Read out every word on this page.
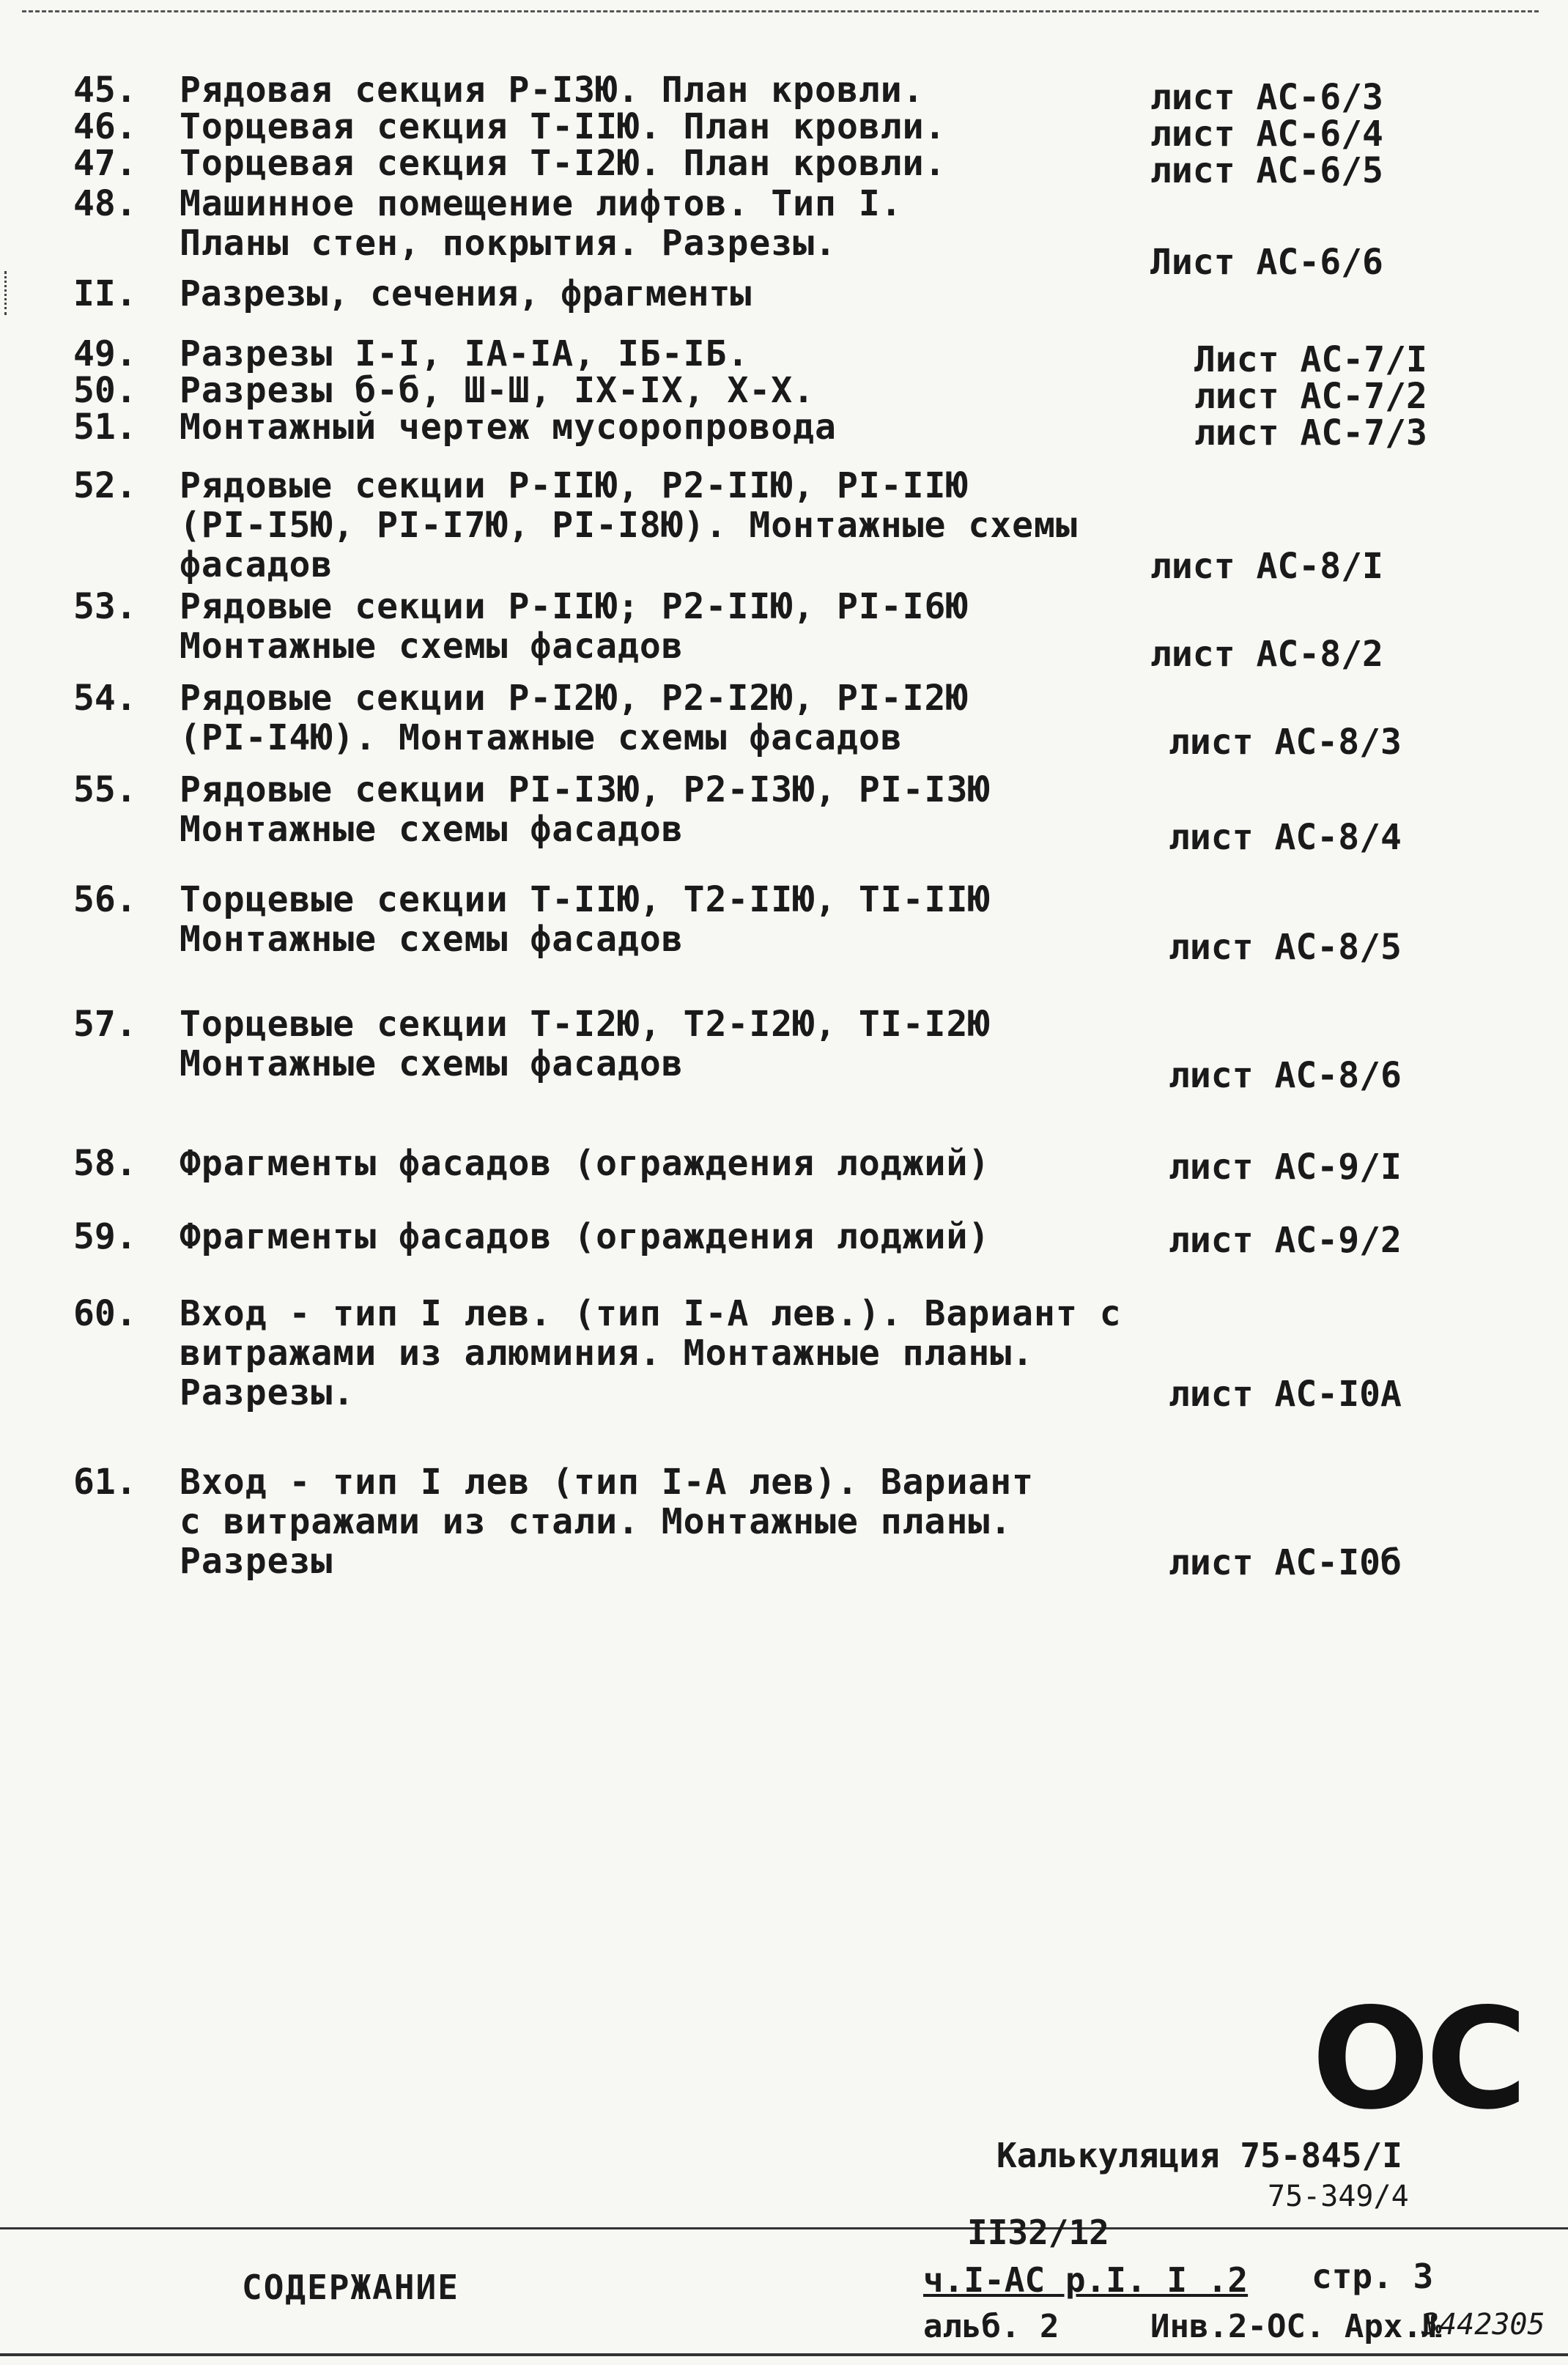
45.	Рядовая секция Р-I3Ю. План кровли.	лист АС-6/3
46.	Торцевая секция Т-IIЮ. План кровли.	лист АС-6/4
47.	Торцевая секция Т-I2Ю. План кровли.	лист АС-6/5
48.	Машинное помещение лифтов. Тип I.
Планы стен, покрытия. Разрезы.	Лист АС-6/6
II.	Разрезы, сечения, фрагменты
49.	Разрезы I-I, IА-IА, IБ-IБ.	Лист АС-7/I
50.	Разрезы б-б, Ш-Ш, IХ-IХ, Х-Х.	лист АС-7/2
51.	Монтажный чертеж мусоропровода	лист АС-7/3
52.	Рядовые секции Р-IIЮ, Р2-IIЮ, РI-IIЮ
(РI-I5Ю, РI-I7Ю, РI-I8Ю). Монтажные схемы
фасадов	лист АС-8/I
53.	Рядовые секции Р-IIЮ; Р2-IIЮ, РI-I6Ю
Монтажные схемы фасадов	лист АС-8/2
54.	Рядовые секции Р-I2Ю, Р2-I2Ю, РI-I2Ю
(РI-I4Ю). Монтажные схемы фасадов	лист АС-8/3
55.	Рядовые секции РI-I3Ю, Р2-I3Ю, РI-I3Ю
Монтажные схемы фасадов	лист АС-8/4
56.	Торцевые секции Т-IIЮ, Т2-IIЮ, ТI-IIЮ
Монтажные схемы фасадов	лист АС-8/5
57.	Торцевые секции Т-I2Ю, Т2-I2Ю, ТI-I2Ю
Монтажные схемы фасадов	лист АС-8/6
58.	Фрагменты фасадов (ограждения лоджий)	лист АС-9/I
59.	Фрагменты фасадов (ограждения лоджий)	лист АС-9/2
60.	Вход - тип I лев. (тип I-А лев.). Вариант с
витражами из алюминия. Монтажные планы.
Разрезы.	лист АС-I0А
61.	Вход - тип I лев (тип I-А лев). Вариант
с витражами из стали. Монтажные планы.
Разрезы	лист АС-I0б
ОС
Калькуляция 75-845/I
75-349/4
II32/12
СОДЕРЖАНИЕ	ч.I-АС р.I. I .2 стр. 3
альб. 2	Инв.2-ОС. Арх.№
3442305
